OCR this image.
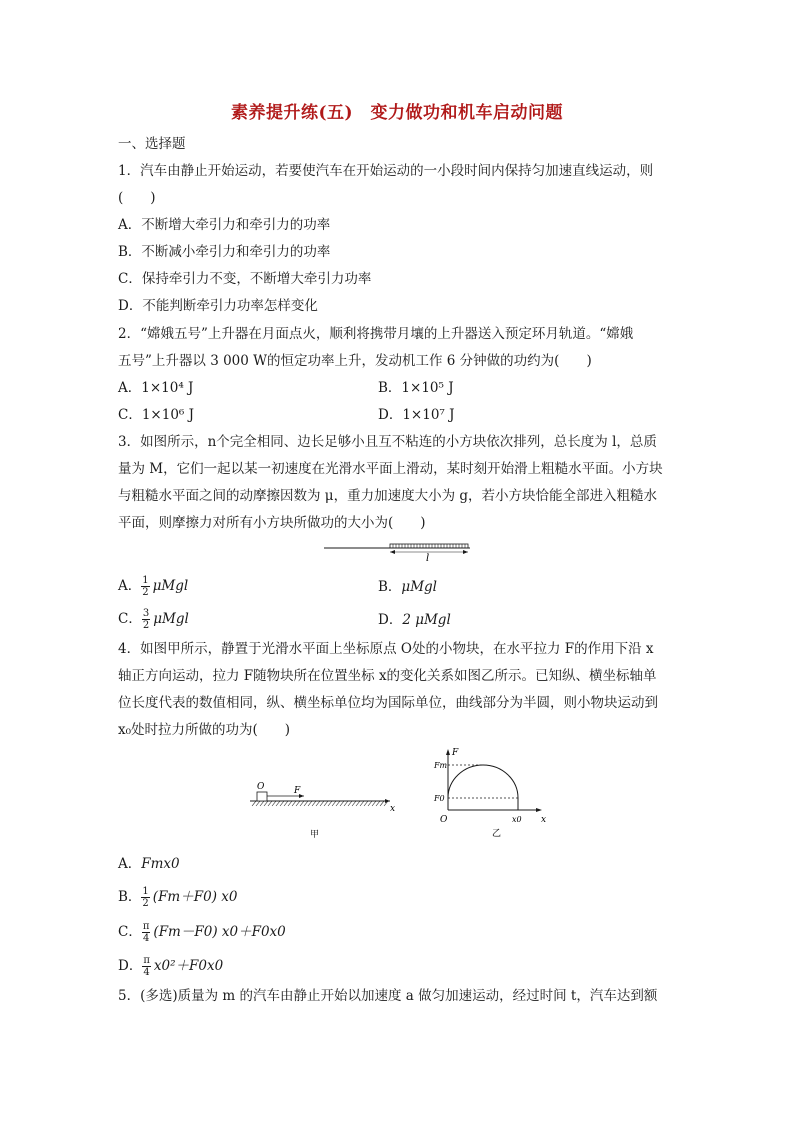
素养提升练(五)　变力做功和机车启动问题
一、选择题
1．汽车由静止开始运动，若要使汽车在开始运动的一小段时间内保持匀加速直线运动，则
(　　)
A．不断增大牵引力和牵引力的功率
B．不断减小牵引力和牵引力的功率
C．保持牵引力不变，不断增大牵引力功率
D．不能判断牵引力功率怎样变化
2．“嫦娥五号”上升器在月面点火，顺利将携带月壤的上升器送入预定环月轨道。“嫦娥
五号”上升器以 3 000 W的恒定功率上升，发动机工作 6 分钟做的功约为(　　)
A．1×10⁴ J	B．1×10⁵ J
C．1×10⁶ J	D．1×10⁷ J
3．如图所示，n个完全相同、边长足够小且互不粘连的小方块依次排列，总长度为 l，总质
量为 M，它们一起以某一初速度在光滑水平面上滑动，某时刻开始滑上粗糙水平面。小方块
与粗糙水平面之间的动摩擦因数为 μ，重力加速度大小为 g，若小方块恰能全部进入粗糙水
平面，则摩擦力对所有小方块所做功的大小为(　　)
l
A． $\frac{1}{2}$ μMgl	B．μMgl
C． $\frac{3}{2}$ μMgl	D．2 μMgl
4．如图甲所示，静置于光滑水平面上坐标原点 O处的小物块，在水平拉力 F的作用下沿 x
轴正方向运动，拉力 F随物块所在位置坐标 x的变化关系如图乙所示。已知纵、横坐标轴单
位长度代表的数值相同，纵、横坐标单位均为国际单位，曲线部分为半圆，则小物块运动到
x₀处时拉力所做的功为(　　)
O	F
x
甲
F
x
O
Fm
F0
x0
乙
A．Fmx0
B． $\frac{1}{2} (Fm+F0)$ x0
C． $\frac{\pi}{4} (Fm-F0)$ x0＋F0x0
D． $\frac{\pi}{4} x0^2+F0x0$
5．(多选)质量为 m 的汽车由静止开始以加速度 a 做匀加速运动，经过时间 t，汽车达到额
